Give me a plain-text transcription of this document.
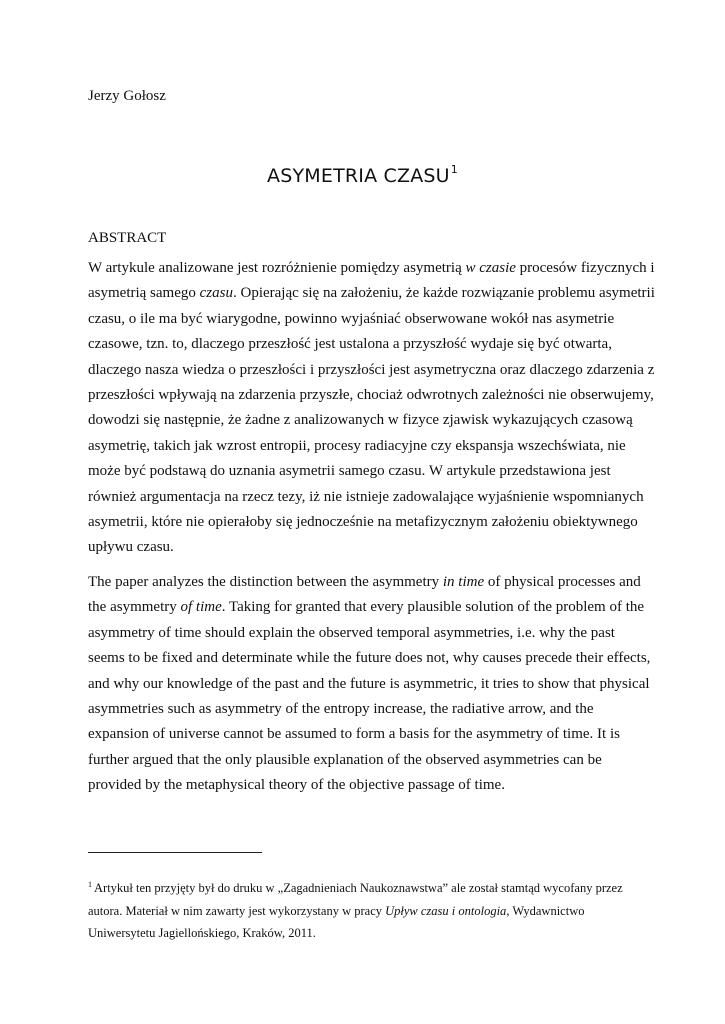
Jerzy Gołosz
ASYMETRIA CZASU$^1$
ABSTRACT
W artykule analizowane jest rozróżnienie pomiędzy asymetrią w czasie procesów fizycznych i
asymetrią samego czasu. Opierając się na założeniu, że każde rozwiązanie problemu asymetrii
czasu, o ile ma być wiarygodne, powinno wyjaśniać obserwowane wokół nas asymetrie
czasowe, tzn. to, dlaczego przeszłość jest ustalona a przyszłość wydaje się być otwarta,
dlaczego nasza wiedza o przeszłości i przyszłości jest asymetryczna oraz dlaczego zdarzenia z
przeszłości wpływają na zdarzenia przyszłe, chociaż odwrotnych zależności nie obserwujemy,
dowodzi się następnie, że żadne z analizowanych w fizyce zjawisk wykazujących czasową
asymetrię, takich jak wzrost entropii, procesy radiacyjne czy ekspansja wszechświata, nie
może być podstawą do uznania asymetrii samego czasu. W artykule przedstawiona jest
również argumentacja na rzecz tezy, iż nie istnieje zadowalające wyjaśnienie wspomnianych
asymetrii, które nie opierałoby się jednocześnie na metafizycznym założeniu obiektywnego
upływu czasu.
The paper analyzes the distinction between the asymmetry in time of physical processes and
the asymmetry of time. Taking for granted that every plausible solution of the problem of the
asymmetry of time should explain the observed temporal asymmetries, i.e. why the past
seems to be fixed and determinate while the future does not, why causes precede their effects,
and why our knowledge of the past and the future is asymmetric, it tries to show that physical
asymmetries such as asymmetry of the entropy increase, the radiative arrow, and the
expansion of universe cannot be assumed to form a basis for the asymmetry of time. It is
further argued that the only plausible explanation of the observed asymmetries can be
provided by the metaphysical theory of the objective passage of time.
$^1$ Artykuł ten przyjęty był do druku w „Zagadnieniach Naukoznawstwa” ale został stamtąd wycofany przez
autora. Materiał w nim zawarty jest wykorzystany w pracy Upływ czasu i ontologia, Wydawnictwo
Uniwersytetu Jagiellońskiego, Kraków, 2011.
